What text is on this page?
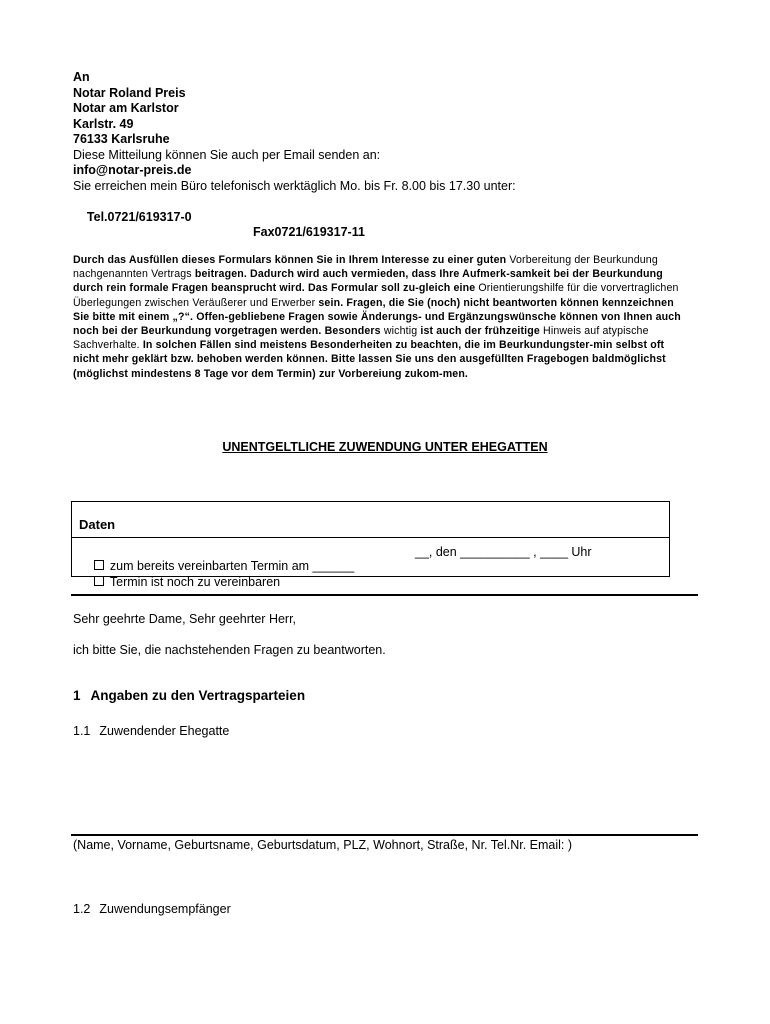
An
Notar Roland Preis
Notar am Karlstor
Karlstr. 49
76133 Karlsruhe
Diese Mitteilung können Sie auch per Email senden an:
info@notar-preis.de
Sie erreichen mein Büro telefonisch werktäglich Mo. bis Fr. 8.00 bis 17.30 unter:

Tel.0721/619317-0

Fax0721/619317-11

Durch das Ausfüllen dieses Formulars können Sie in Ihrem Interesse zu einer guten Vorbereitung der Beurkundung nachgenannten Vertrags beitragen. Dadurch wird auch vermieden, dass Ihre Aufmerk-samkeit bei der Beurkundung durch rein formale Fragen beansprucht wird. Das Formular soll zu-gleich eine Orientierungshilfe für die vorvertraglichen Überlegungen zwischen Veräußerer und Erwerber sein. Fragen, die Sie (noch) nicht beantworten können kennzeichnen Sie bitte mit einem „?“. Offen-gebliebene Fragen sowie Änderungs- und Ergänzungswünsche können von Ihnen auch noch bei der Beurkundung vorgetragen werden. Besonders wichtig ist auch der frühzeitige Hinweis auf atypische Sachverhalte. In solchen Fällen sind meistens Besonderheiten zu beachten, die im Beurkundungster-min selbst oft nicht mehr geklärt bzw. behoben werden können. Bitte lassen Sie uns den ausgefüllten Fragebogen baldmöglichst (möglichst mindestens 8 Tage vor dem Termin) zur Vorbereiung zukom-men.
UNENTGELTLICHE ZUWENDUNG UNTER EHEGATTEN
Daten

zum bereits vereinbarten Termin am ______

__, den __________ , ____ Uhr

Termin ist noch zu vereinbaren

Sehr geehrte Dame, Sehr geehrter Herr,
ich bitte Sie, die nachstehenden Fragen zu beantworten.
1 Angaben zu den Vertragsparteien
1.1 Zuwendender Ehegatte
(Name, Vorname, Geburtsname, Geburtsdatum, PLZ, Wohnort, Straße, Nr. Tel.Nr. Email: )
1.2 Zuwendungsempfänger
